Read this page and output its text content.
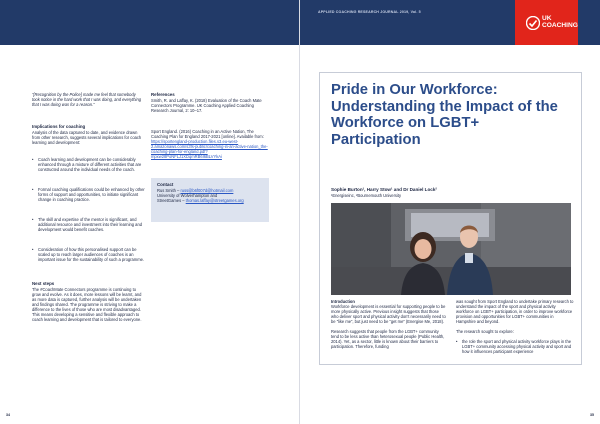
“[Recognition by the Police] made me feel that somebody took notice in the hard work that I was doing, and everything that I was doing was for a reason.”
Implications for coaching
Analysis of the data captured to date, and evidence drawn from other research, suggests several implications for coach learning and development:
• Coach learning and development can be considerably enhanced through a mixture of different activities that are constructed around the individual needs of the coach.
• Formal coaching qualifications could be enhanced by other forms of support and opportunities, to initiate significant change in coaching practice.
• The skill and expertise of the mentor is significant, and additional resource and investment into their learning and development would benefit coaches.
• Consideration of how this personalised support can be scaled up to reach larger audiences of coaches is an important issue for the sustainability of such a programme.
Next steps
The #CoachMate Connectors programme is continuing to grow and evolve. As it does, more lessons will be learnt, and as more data is captured, further analysis will be undertaken and findings shared. The programme is striving to make a difference to the lives of those who are most disadvantaged. This means developing a sensitive and flexible approach to coach learning and development that is tailored to everyone.
References
Smith, R. and Laffay, K. (2018) Evaluation of the Coach Mate Connectors Programme. UK Coaching Applied Coaching Research Journal, 2: 10–17.
Sport England. (2016) Coaching in an Active Nation, The Coaching Plan for England 2017-2021 [online]. Available from: https://sportengland-production.files.s3.eu-west-2.amazonaws.com/s3fs-public/coaching-in-an-active-nation_the-coaching-plan-for-england.pdf?mpxw28PoNFLJ1XDqmRB6I6BLVYkAi
Contact
Rus Smith – russ@b6f007d@hotmail.com
University of Wolverhampton and
StreetGames – thomas.laffay@streetgames.org
34
APPLIED COACHING RESEARCH JOURNAL 2019, Vol. 5
UK
COACHING
Pride in Our Workforce: Understanding the Impact of the Workforce on LGBT+ Participation
Sophie Burton¹, Harry Stow¹ and Dr Daniel Lock²
¹Energiseinc, ²Bournemouth University
Introduction
Workforce development is essential for supporting people to be more physically active. Previous insight suggests that those who deliver sport and physical activity don't necessarily need to be “like me”, but just need to be “get me” (Energise Me, 2018).
Research suggests that people from the LGBT+ community tend to be less active than heterosexual people (Public Health, 2014). Yet, as a sector, little is known about their barriers to participation. Therefore, funding
was sought from Sport England to undertake primary research to understand the impact of the sport and physical activity workforce on LGBT+ participation, in order to improve workforce provision and opportunities for LGBT+ communities in Hampshire and beyond.
The research sought to explore:
• the role the sport and physical activity workforce plays in the LGBT+ community accessing physical activity and sport and how it influences participant experience
35
